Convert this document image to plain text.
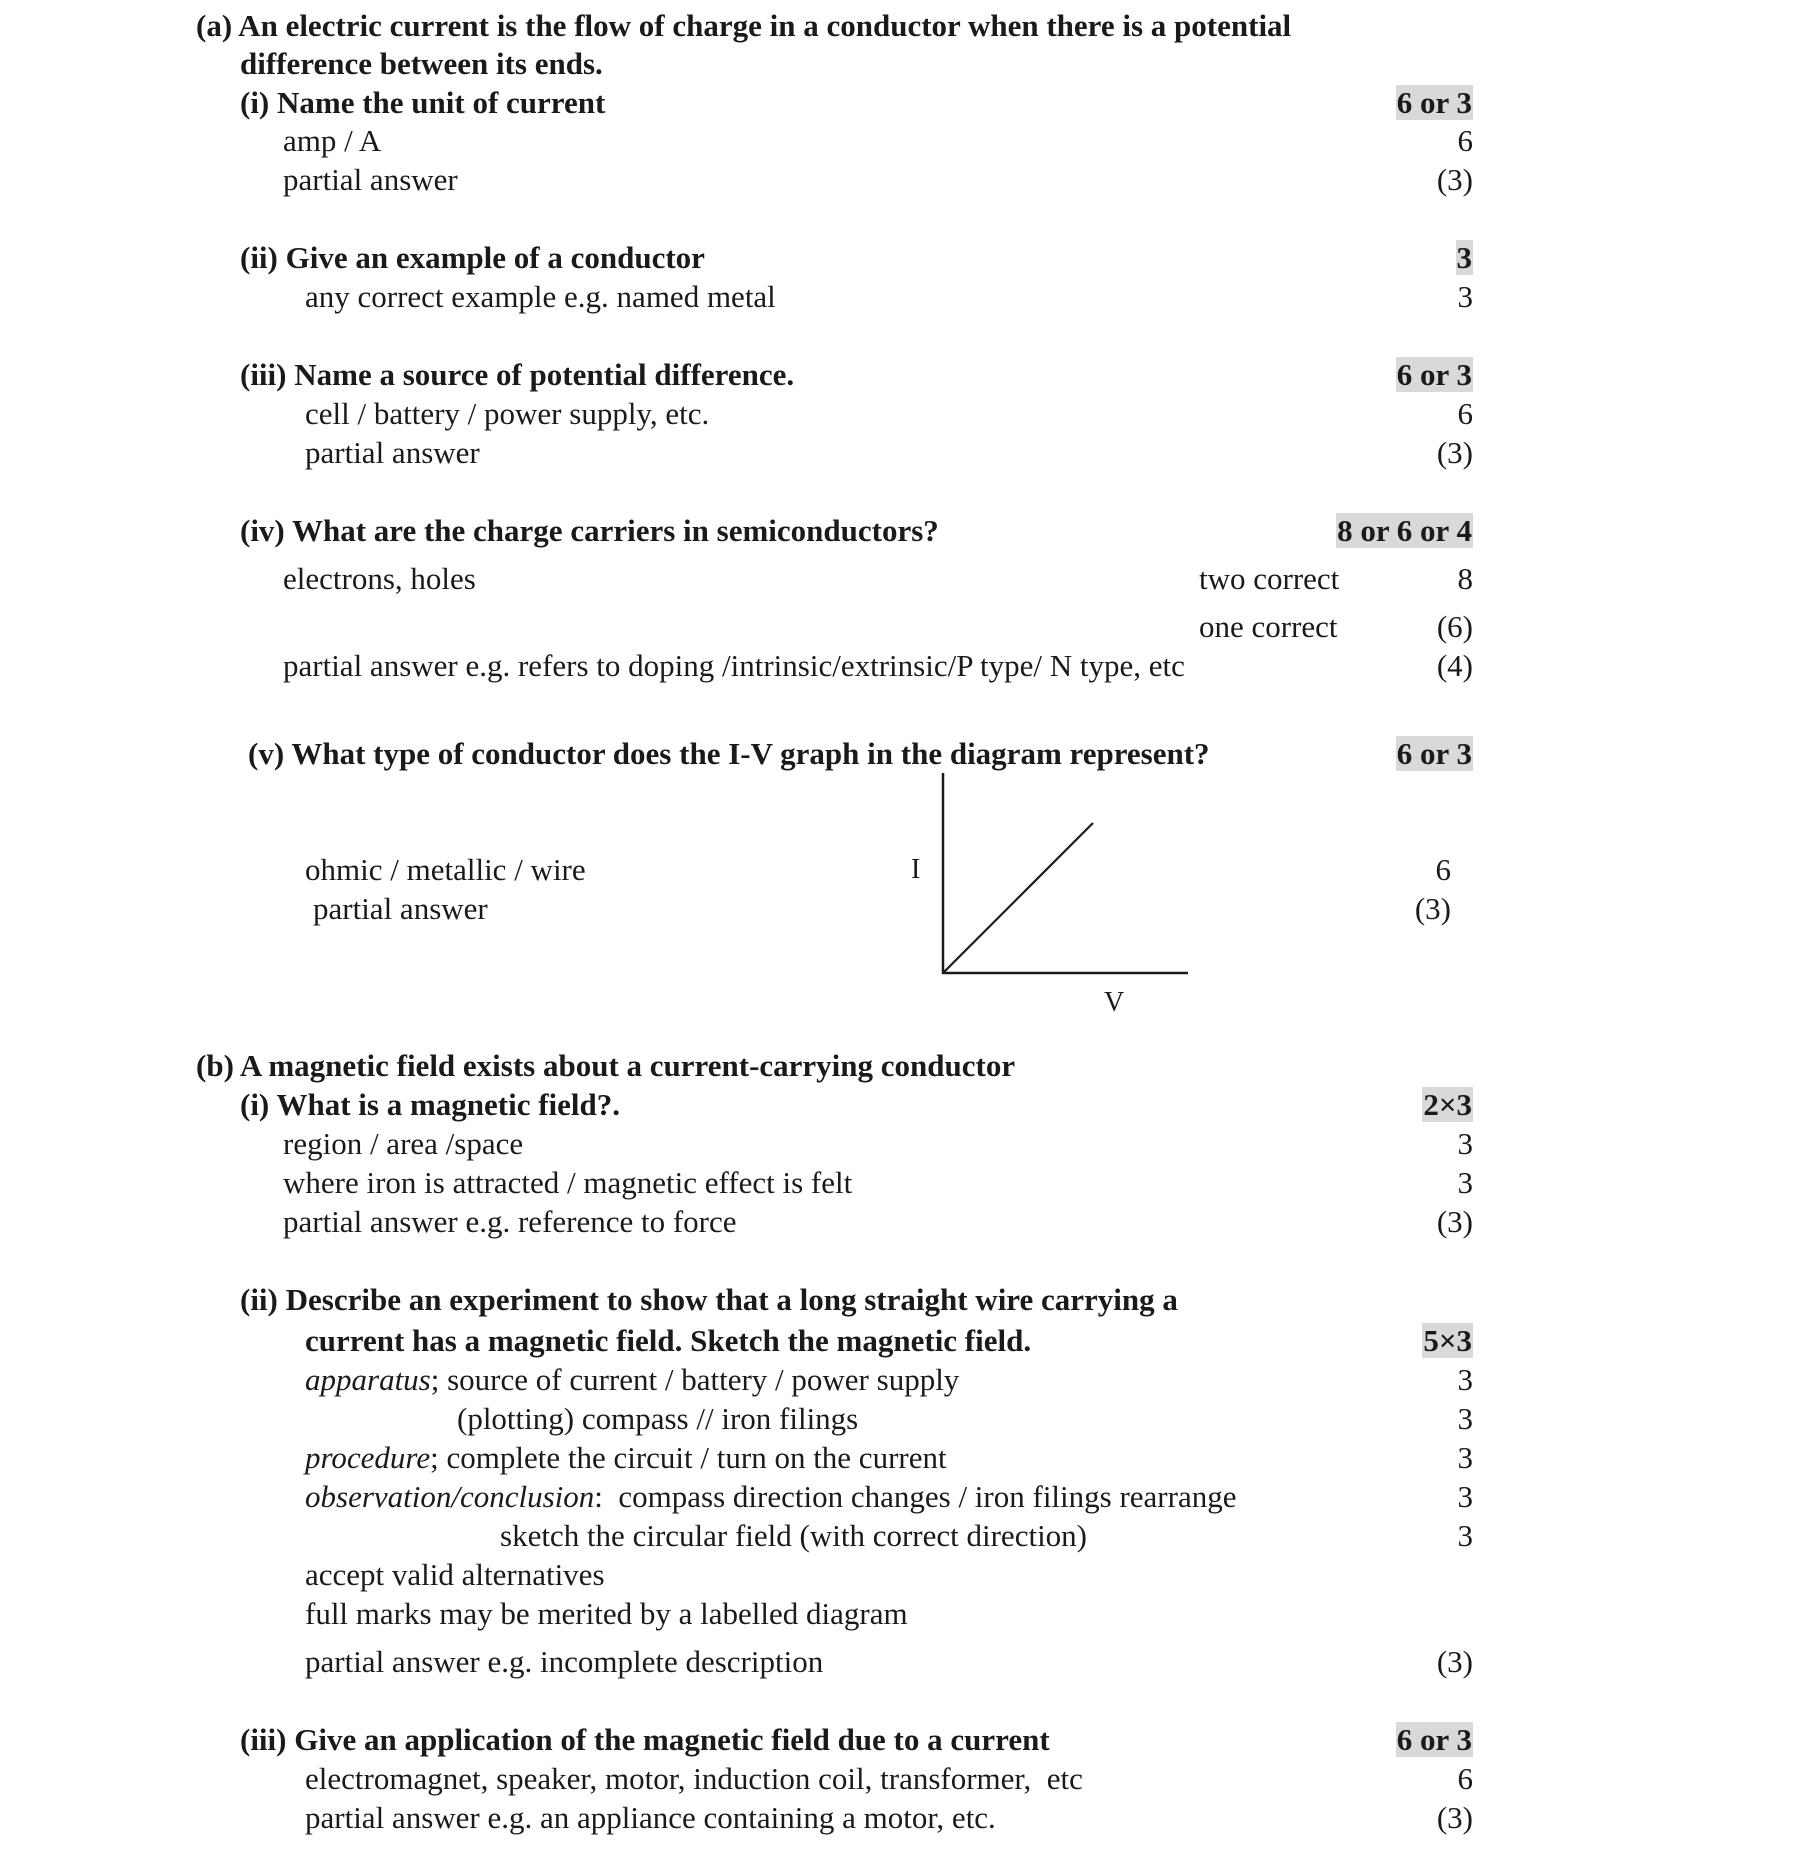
(a) An electric current is the flow of charge in a conductor when there is a potential
difference between its ends.
(i) Name the unit of current	6 or 3
amp / A	6
partial answer	(3)
(ii) Give an example of a conductor	3
any correct example e.g. named metal	3
(iii) Name a source of potential difference.	6 or 3
cell / battery / power supply, etc.	6
partial answer	(3)
(iv) What are the charge carriers in semiconductors?	8 or 6 or 4
electrons, holes	two correct	8
one correct	(6)
partial answer e.g. refers to doping /intrinsic/extrinsic/P type/ N type, etc	(4)
(v) What type of conductor does the I-V graph in the diagram represent?	6 or 3
ohmic / metallic / wire	6
partial answer	(3)
I
V
(b) A magnetic field exists about a current-carrying conductor
(i) What is a magnetic field?.	2×3
region / area /space	3
where iron is attracted / magnetic effect is felt	3
partial answer e.g. reference to force	(3)
(ii) Describe an experiment to show that a long straight wire carrying a
current has a magnetic field. Sketch the magnetic field.	5×3
apparatus; source of current / battery / power supply	3
(plotting) compass // iron filings	3
procedure; complete the circuit / turn on the current	3
observation/conclusion:  compass direction changes / iron filings rearrange	3
sketch the circular field (with correct direction)	3
accept valid alternatives
full marks may be merited by a labelled diagram
partial answer e.g. incomplete description	(3)
(iii) Give an application of the magnetic field due to a current	6 or 3
electromagnet, speaker, motor, induction coil, transformer,  etc	6
partial answer e.g. an appliance containing a motor, etc.	(3)
